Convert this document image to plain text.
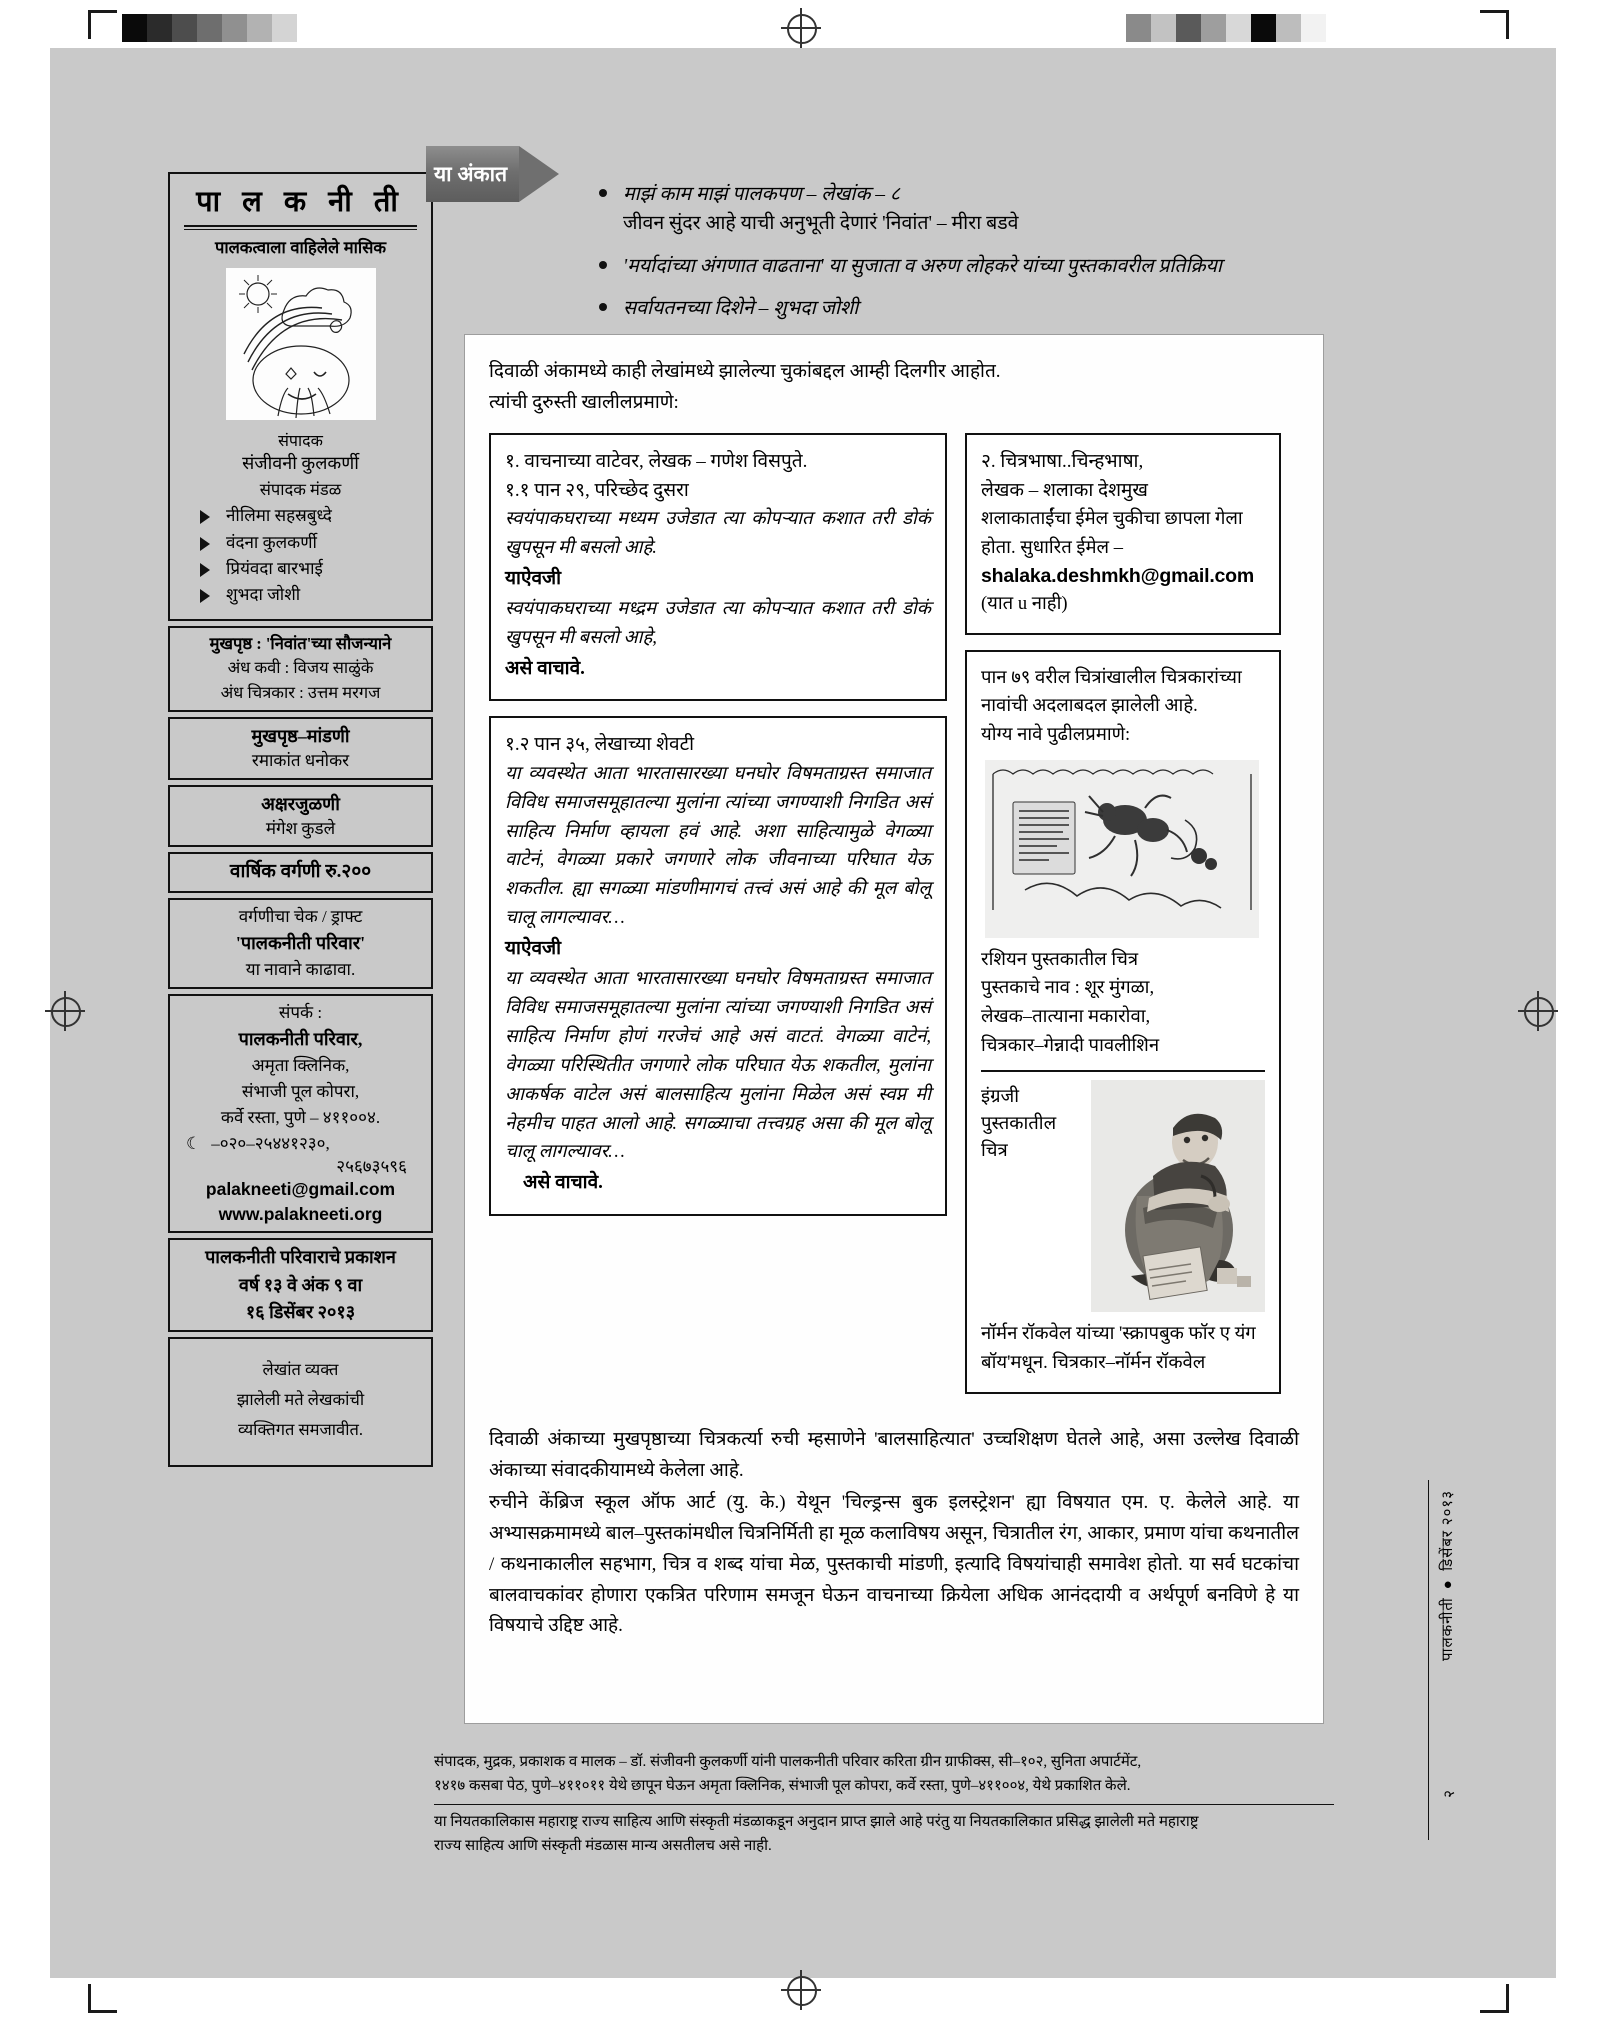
पा ल क नी ती
पालकत्वाला वाहिलेले मासिक
संपादक
संजीवनी कुलकर्णी
संपादक मंडळ
नीलिमा सहस्रबुध्दे
वंदना कुलकर्णी
प्रियंवदा बारभाई
शुभदा जोशी
मुखपृष्ठ : 'निवांत'च्या सौजन्याने
अंध कवी : विजय साळुंके
अंध चित्रकार : उत्तम मरगज
मुखपृष्ठ–मांडणी
रमाकांत धनोकर
अक्षरजुळणी
मंगेश कुडले
वार्षिक वर्गणी रु.२००
वर्गणीचा चेक / ड्राफ्ट
'पालकनीती परिवार'
या नावाने काढावा.
संपर्क :
पालकनीती परिवार,
अमृता क्लिनिक,
संभाजी पूल कोपरा,
कर्वे रस्ता, पुणे – ४११००४.
☾ –०२०–२५४४१२३०,
२५६७३५९६
palakneeti@gmail.com
www.palakneeti.org
पालकनीती परिवाराचे प्रकाशन
वर्ष १३ वे अंक ९ वा
१६ डिसेंबर २०१३
लेखांत व्यक्त
झालेली मते लेखकांची
व्यक्तिगत समजावीत.
या अंकात
माझं काम माझं पालकपण – लेखांक – ८
जीवन सुंदर आहे याची अनुभूती देणारं 'निवांत' – मीरा बडवे
'मर्यादांच्या अंगणात वाढताना' या सुजाता व अरुण लोहकरे यांच्या पुस्तकावरील प्रतिक्रिया
सर्वायतनच्या दिशेने – शुभदा जोशी
दिवाळी अंकामध्ये काही लेखांमध्ये झालेल्या चुकांबद्दल आम्ही दिलगीर आहोत.
त्यांची दुरुस्ती खालीलप्रमाणे:
१. वाचनाच्या वाटेवर, लेखक – गणेश विसपुते.
१.१ पान २९, परिच्छेद दुसरा
स्वयंपाकघराच्या मध्यम उजेडात त्या कोपऱ्यात कशात तरी डोकं खुपसून मी बसलो आहे.
याऐेवजी
स्वयंपाकघराच्या मध्द्रम उजेडात त्या कोपऱ्यात कशात तरी डोकं खुपसून मी बसलो आहे,
असे वाचावे.
१.२ पान ३५, लेखाच्या शेवटी
या व्यवस्थेत आता भारतासारख्या घनघोर विषमताग्रस्त समाजात विविध समाजसमूहातल्या मुलांना त्यांच्या जगण्याशी निगडित असं साहित्य निर्माण व्हायला हवं आहे. अशा साहित्यामुळे वेगळ्या वाटेनं, वेगळ्या प्रकारे जगणारे लोक जीवनाच्या परिघात येऊ शकतील. ह्या सगळ्या मांडणीमागचं तत्त्वं असं आहे की मूल बोलू चालू लागल्यावर…
याऐेवजी
या व्यवस्थेत आता भारतासारख्या घनघोर विषमताग्रस्त समाजात विविध समाजसमूहातल्या मुलांना त्यांच्या जगण्याशी निगडित असं साहित्य निर्माण होणं गरजेचं आहे असं वाटतं. वेगळ्या वाटेनं, वेगळ्या परिस्थितीत जगणारे लोक परिघात येऊ शकतील, मुलांना आकर्षक वाटेल असं बालसाहित्य मुलांना मिळेल असं स्वप्न मी नेहमीच पाहत आलो आहे. सगळ्याचा तत्त्वग्रह असा की मूल बोलू चालू लागल्यावर…
असे वाचावे.
२. चित्रभाषा..चिन्हभाषा,
लेखक – शलाका देशमुख
शलाकाताईंचा ईमेल चुकीचा छापला गेला
होता. सुधारित ईमेल –
shalaka.deshmkh@gmail.com
(यात u नाही)
पान ७९ वरील चित्रांखालील चित्रकारांच्या
नावांची अदलाबदल झालेली आहे.
योग्य नावे पुढीलप्रमाणे:
रशियन पुस्तकातील चित्र
पुस्तकाचे नाव : शूर मुंगळा,
लेखक–तात्याना मकारोवा,
चित्रकार–गेन्नादी पावलीशिन
इंग्रजी
पुस्तकातील
चित्र
नॉर्मन रॉकवेल यांच्या 'स्क्रापबुक फॉर ए यंग बॉय'मधून. चित्रकार–नॉर्मन रॉकवेल

दिवाळी अंकाच्या मुखपृष्ठाच्या चित्रकर्त्या रुची म्हसाणेने 'बालसाहित्यात' उच्चशिक्षण घेतले आहे, असा उल्लेख दिवाळी अंकाच्या संवादकीयामध्ये केलेला आहे.

रुचीने केंब्रिज स्कूल ऑफ आर्ट (यु. के.) येथून 'चिल्ड्रन्स बुक इलस्ट्रेशन' ह्या विषयात एम. ए. केलेले आहे. या अभ्यासक्रमामध्ये बाल–पुस्तकांमधील चित्रनिर्मिती हा मूळ कलाविषय असून, चित्रातील रंग, आकार, प्रमाण यांचा कथनातील / कथनाकालील सहभाग, चित्र व शब्द यांचा मेळ, पुस्तकाची मांडणी, इत्यादि विषयांचाही समावेश होतो. या सर्व घटकांचा बालवाचकांवर होणारा एकत्रित परिणाम समजून घेऊन वाचनाच्या क्रियेला अधिक आनंददायी व अर्थपूर्ण बनविणे हे या विषयाचे उद्दिष्ट आहे.

संपादक, मुद्रक, प्रकाशक व मालक – डॉ. संजीवनी कुलकर्णी यांनी पालकनीती परिवार करिता ग्रीन ग्राफीक्स, सी–१०२, सुनिता अपार्टमेंट,

१४१७ कसबा पेठ, पुणे–४११०११ येथे छापून घेऊन अमृता क्लिनिक, संभाजी पूल कोपरा, कर्वे रस्ता, पुणे–४११००४, येथे प्रकाशित केले.

या नियतकालिकास महाराष्ट्र राज्य साहित्य आणि संस्कृती मंडळाकडून अनुदान प्राप्त झाले आहे परंतु या नियतकालिकात प्रसिद्ध झालेली मते महाराष्ट्र

राज्य साहित्य आणि संस्कृती मंडळास मान्य असतीलच असे नाही.

पालकनीती ● डिसेंबर २०१३
२
